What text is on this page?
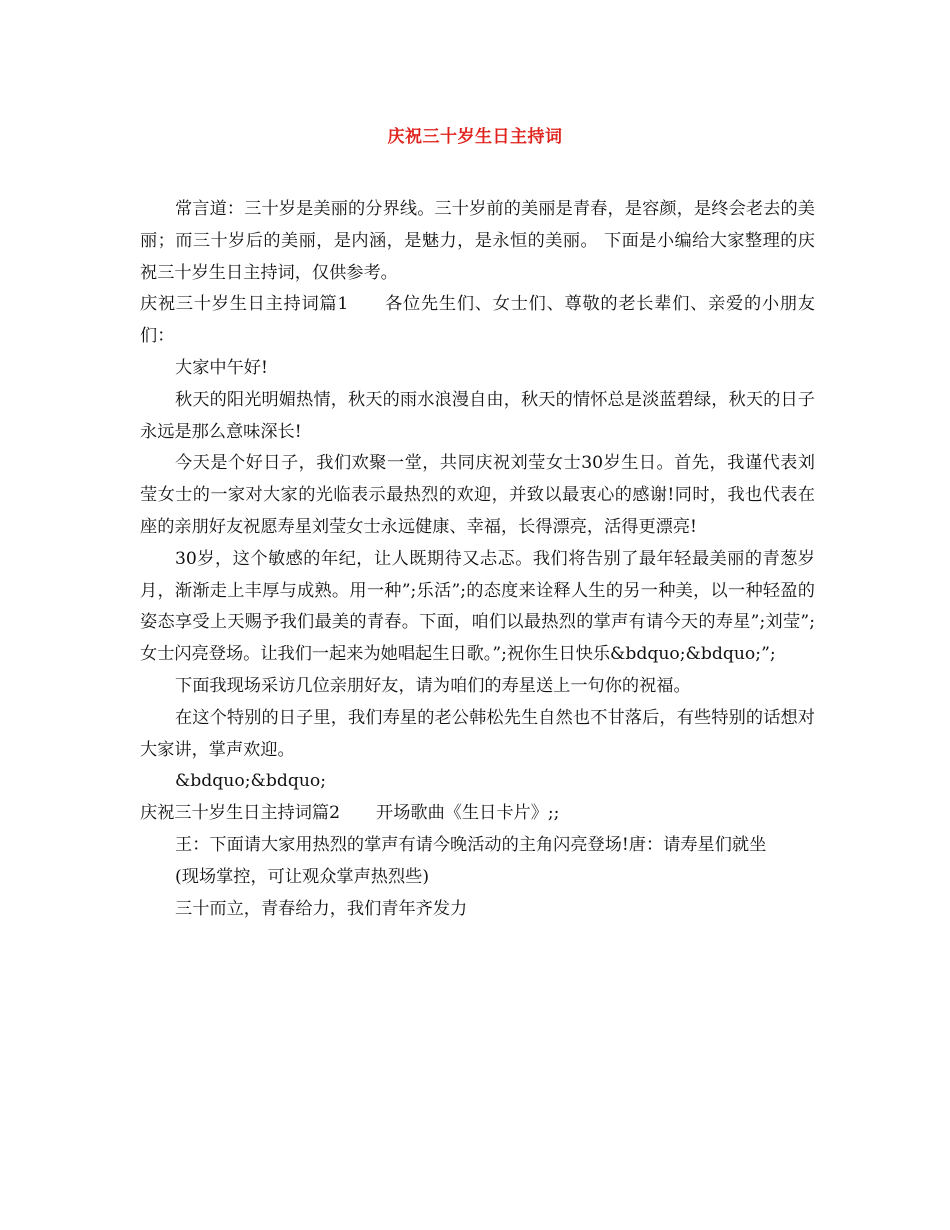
庆祝三十岁生日主持词

常言道：三十岁是美丽的分界线。三十岁前的美丽是青春，是容颜，是终会老去的美丽；而三十岁后的美丽，是内涵，是魅力，是永恒的美丽。 下面是小编给大家整理的庆祝三十岁生日主持词，仅供参考。

庆祝三十岁生日主持词篇1 各位先生们、女士们、尊敬的老长辈们、亲爱的小朋友们：

大家中午好!

秋天的阳光明媚热情，秋天的雨水浪漫自由，秋天的情怀总是淡蓝碧绿，秋天的日子永远是那么意味深长!

今天是个好日子，我们欢聚一堂，共同庆祝刘莹女士30岁生日。首先，我谨代表刘莹女士的一家对大家的光临表示最热烈的欢迎，并致以最衷心的感谢!同时，我也代表在座的亲朋好友祝愿寿星刘莹女士永远健康、幸福，长得漂亮，活得更漂亮!

30岁，这个敏感的年纪，让人既期待又忐忑。我们将告别了最年轻最美丽的青葱岁月，渐渐走上丰厚与成熟。用一种”;乐活”;的态度来诠释人生的另一种美，以一种轻盈的姿态享受上天赐予我们最美的青春。下面，咱们以最热烈的掌声有请今天的寿星”;刘莹”;女士闪亮登场。让我们一起来为她唱起生日歌。”;祝你生日快乐&bdquo;&bdquo;”;

下面我现场采访几位亲朋好友，请为咱们的寿星送上一句你的祝福。

在这个特别的日子里，我们寿星的老公韩松先生自然也不甘落后，有些特别的话想对大家讲，掌声欢迎。

&bdquo;&bdquo;

庆祝三十岁生日主持词篇2 开场歌曲《生日卡片》;;

王：下面请大家用热烈的掌声有请今晚活动的主角闪亮登场!唐：请寿星们就坐

(现场掌控，可让观众掌声热烈些)

三十而立，青春给力，我们青年齐发力
